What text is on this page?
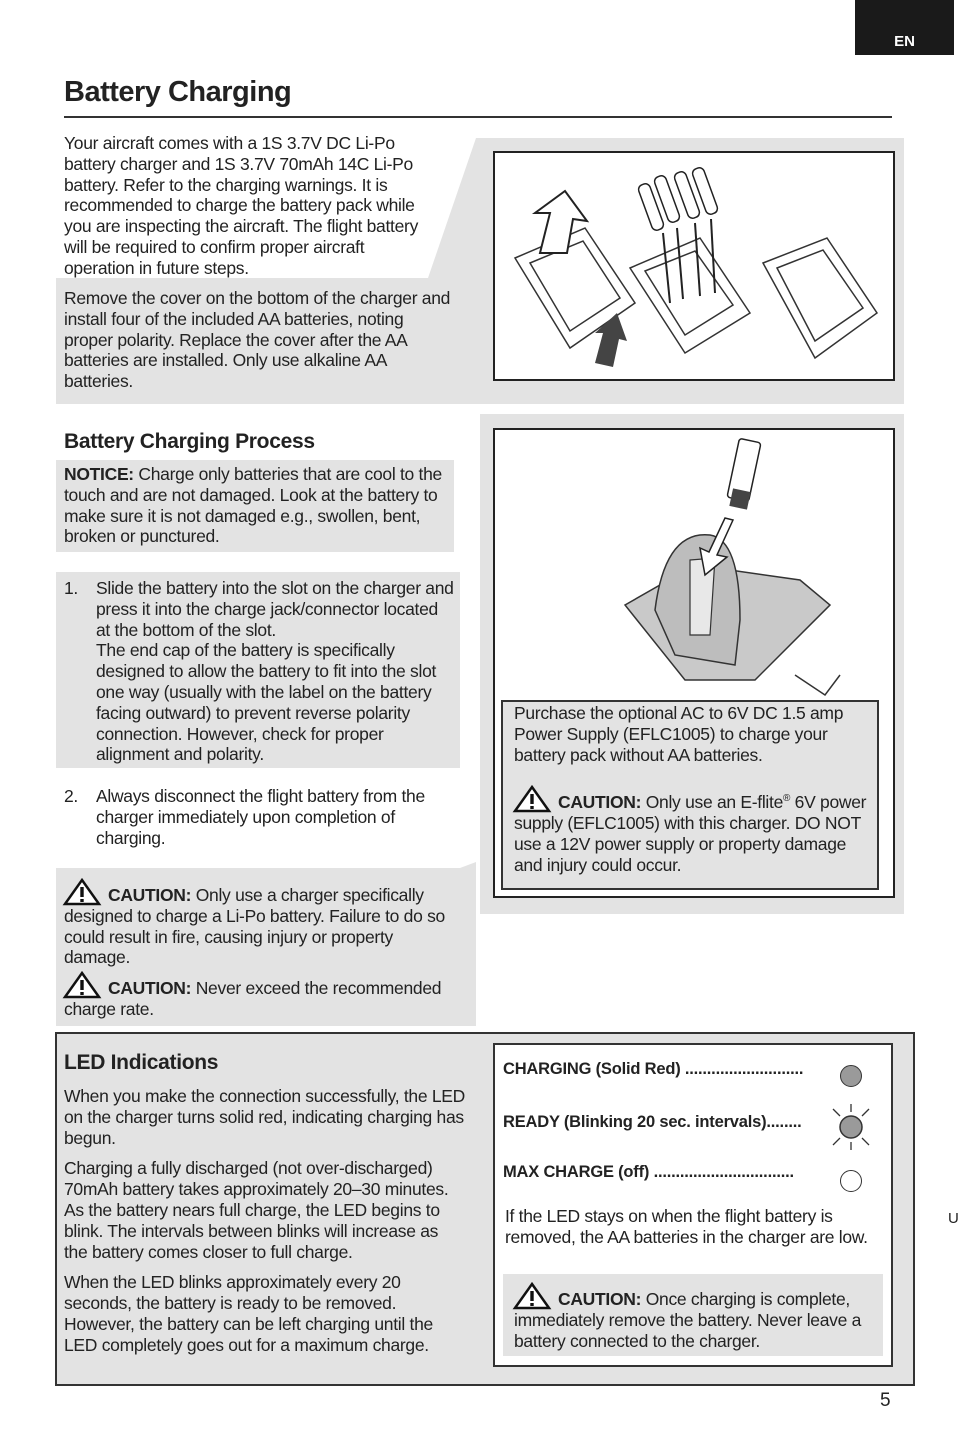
EN
Battery Charging

Your aircraft comes with a 1S 3.7V DC Li-Po battery charger and 1S 3.7V 70mAh 14C Li-Po battery. Refer to the charging warnings. It is recommended to charge the battery pack while you are inspecting the aircraft. The flight battery will be required to confirm proper aircraft operation in future steps.

Remove the cover on the bottom of the charger and install four of the included AA batteries, noting proper polarity. Replace the cover after the AA batteries are installed. Only use alkaline AA batteries.

Battery Charging Process

NOTICE: Charge only batteries that are cool to the touch and are not damaged. Look at the battery to make sure it is not damaged e.g., swollen, bent, broken or punctured.

1. Slide the battery into the slot on the charger and press it into the charge jack/connector located at the bottom of the slot.

The end cap of the battery is specifically designed to allow the battery to fit into the slot one way (usually with the label on the battery facing outward) to prevent reverse polarity connection. However, check for proper alignment and polarity.

2. Always disconnect the flight battery from the charger immediately upon completion of charging.

CAUTION: Only use a charger specifically designed to charge a Li-Po battery. Failure to do so could result in fire, causing injury or property damage.

CAUTION: Never exceed the recommended charge rate.

Purchase the optional AC to 6V DC 1.5 amp Power Supply (EFLC1005) to charge your battery pack without AA batteries.

CAUTION: Only use an E-flite® 6V power supply (EFLC1005) with this charger. DO NOT use a 12V power supply or property damage and injury could occur.

LED Indications

When you make the connection successfully, the LED on the charger turns solid red, indicating charging has begun.

Charging a fully discharged (not over-discharged) 70mAh battery takes approximately 20–30 minutes. As the battery nears full charge, the LED begins to blink. The intervals between blinks will increase as the battery comes closer to full charge.

When the LED blinks approximately every 20 seconds, the battery is ready to be removed. However, the battery can be left charging until the LED completely goes out for a maximum charge.

CHARGING (Solid Red) ...........................
READY (Blinking 20 sec. intervals)........
MAX CHARGE (off) ................................
If the LED stays on when the flight battery is removed, the AA batteries in the charger are low.

CAUTION: Once charging is complete, immediately remove the battery. Never leave a battery connected to the charger.

U
5
